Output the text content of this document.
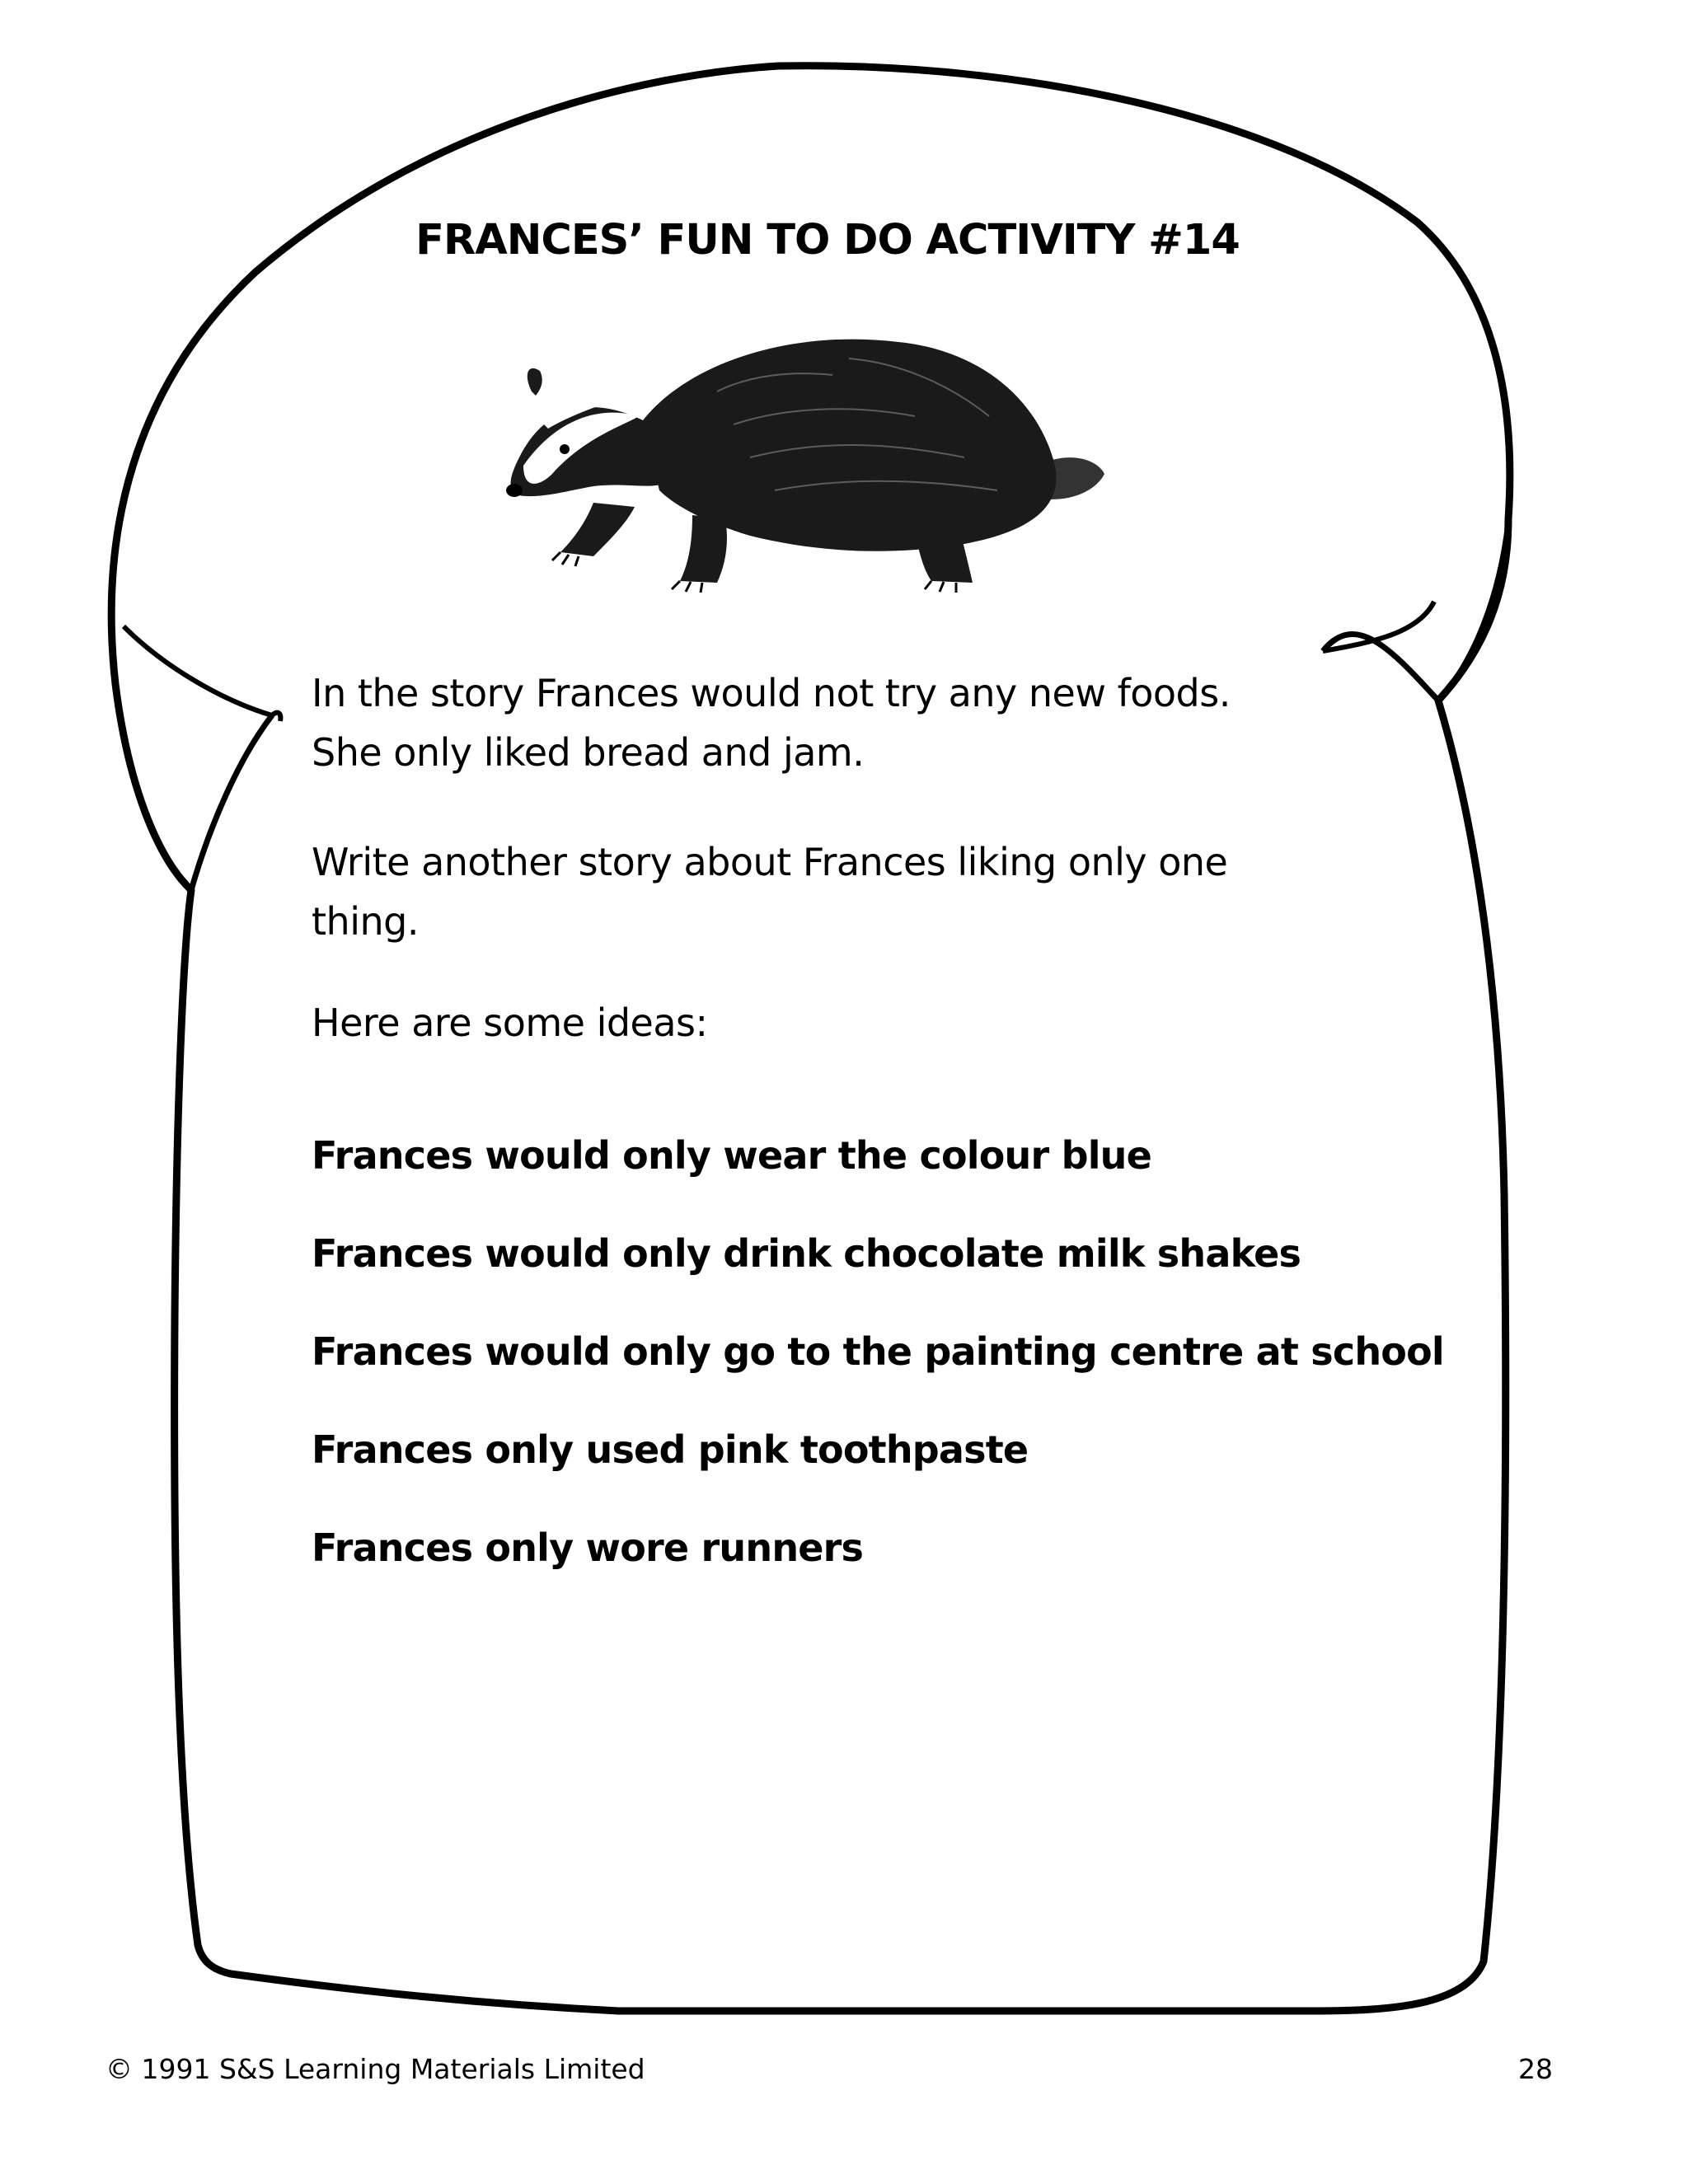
FRANCES’ FUN TO DO ACTIVITY #14

In the story Frances would not try any new foods.

She only liked bread and jam.

Write another story about Frances liking only one

thing.

Here are some ideas:

Frances would only wear the colour blue

Frances would only drink chocolate milk shakes

Frances would only go to the painting centre at school

Frances only used pink toothpaste

Frances only wore runners

© 1991 S&S Learning Materials Limited	28
